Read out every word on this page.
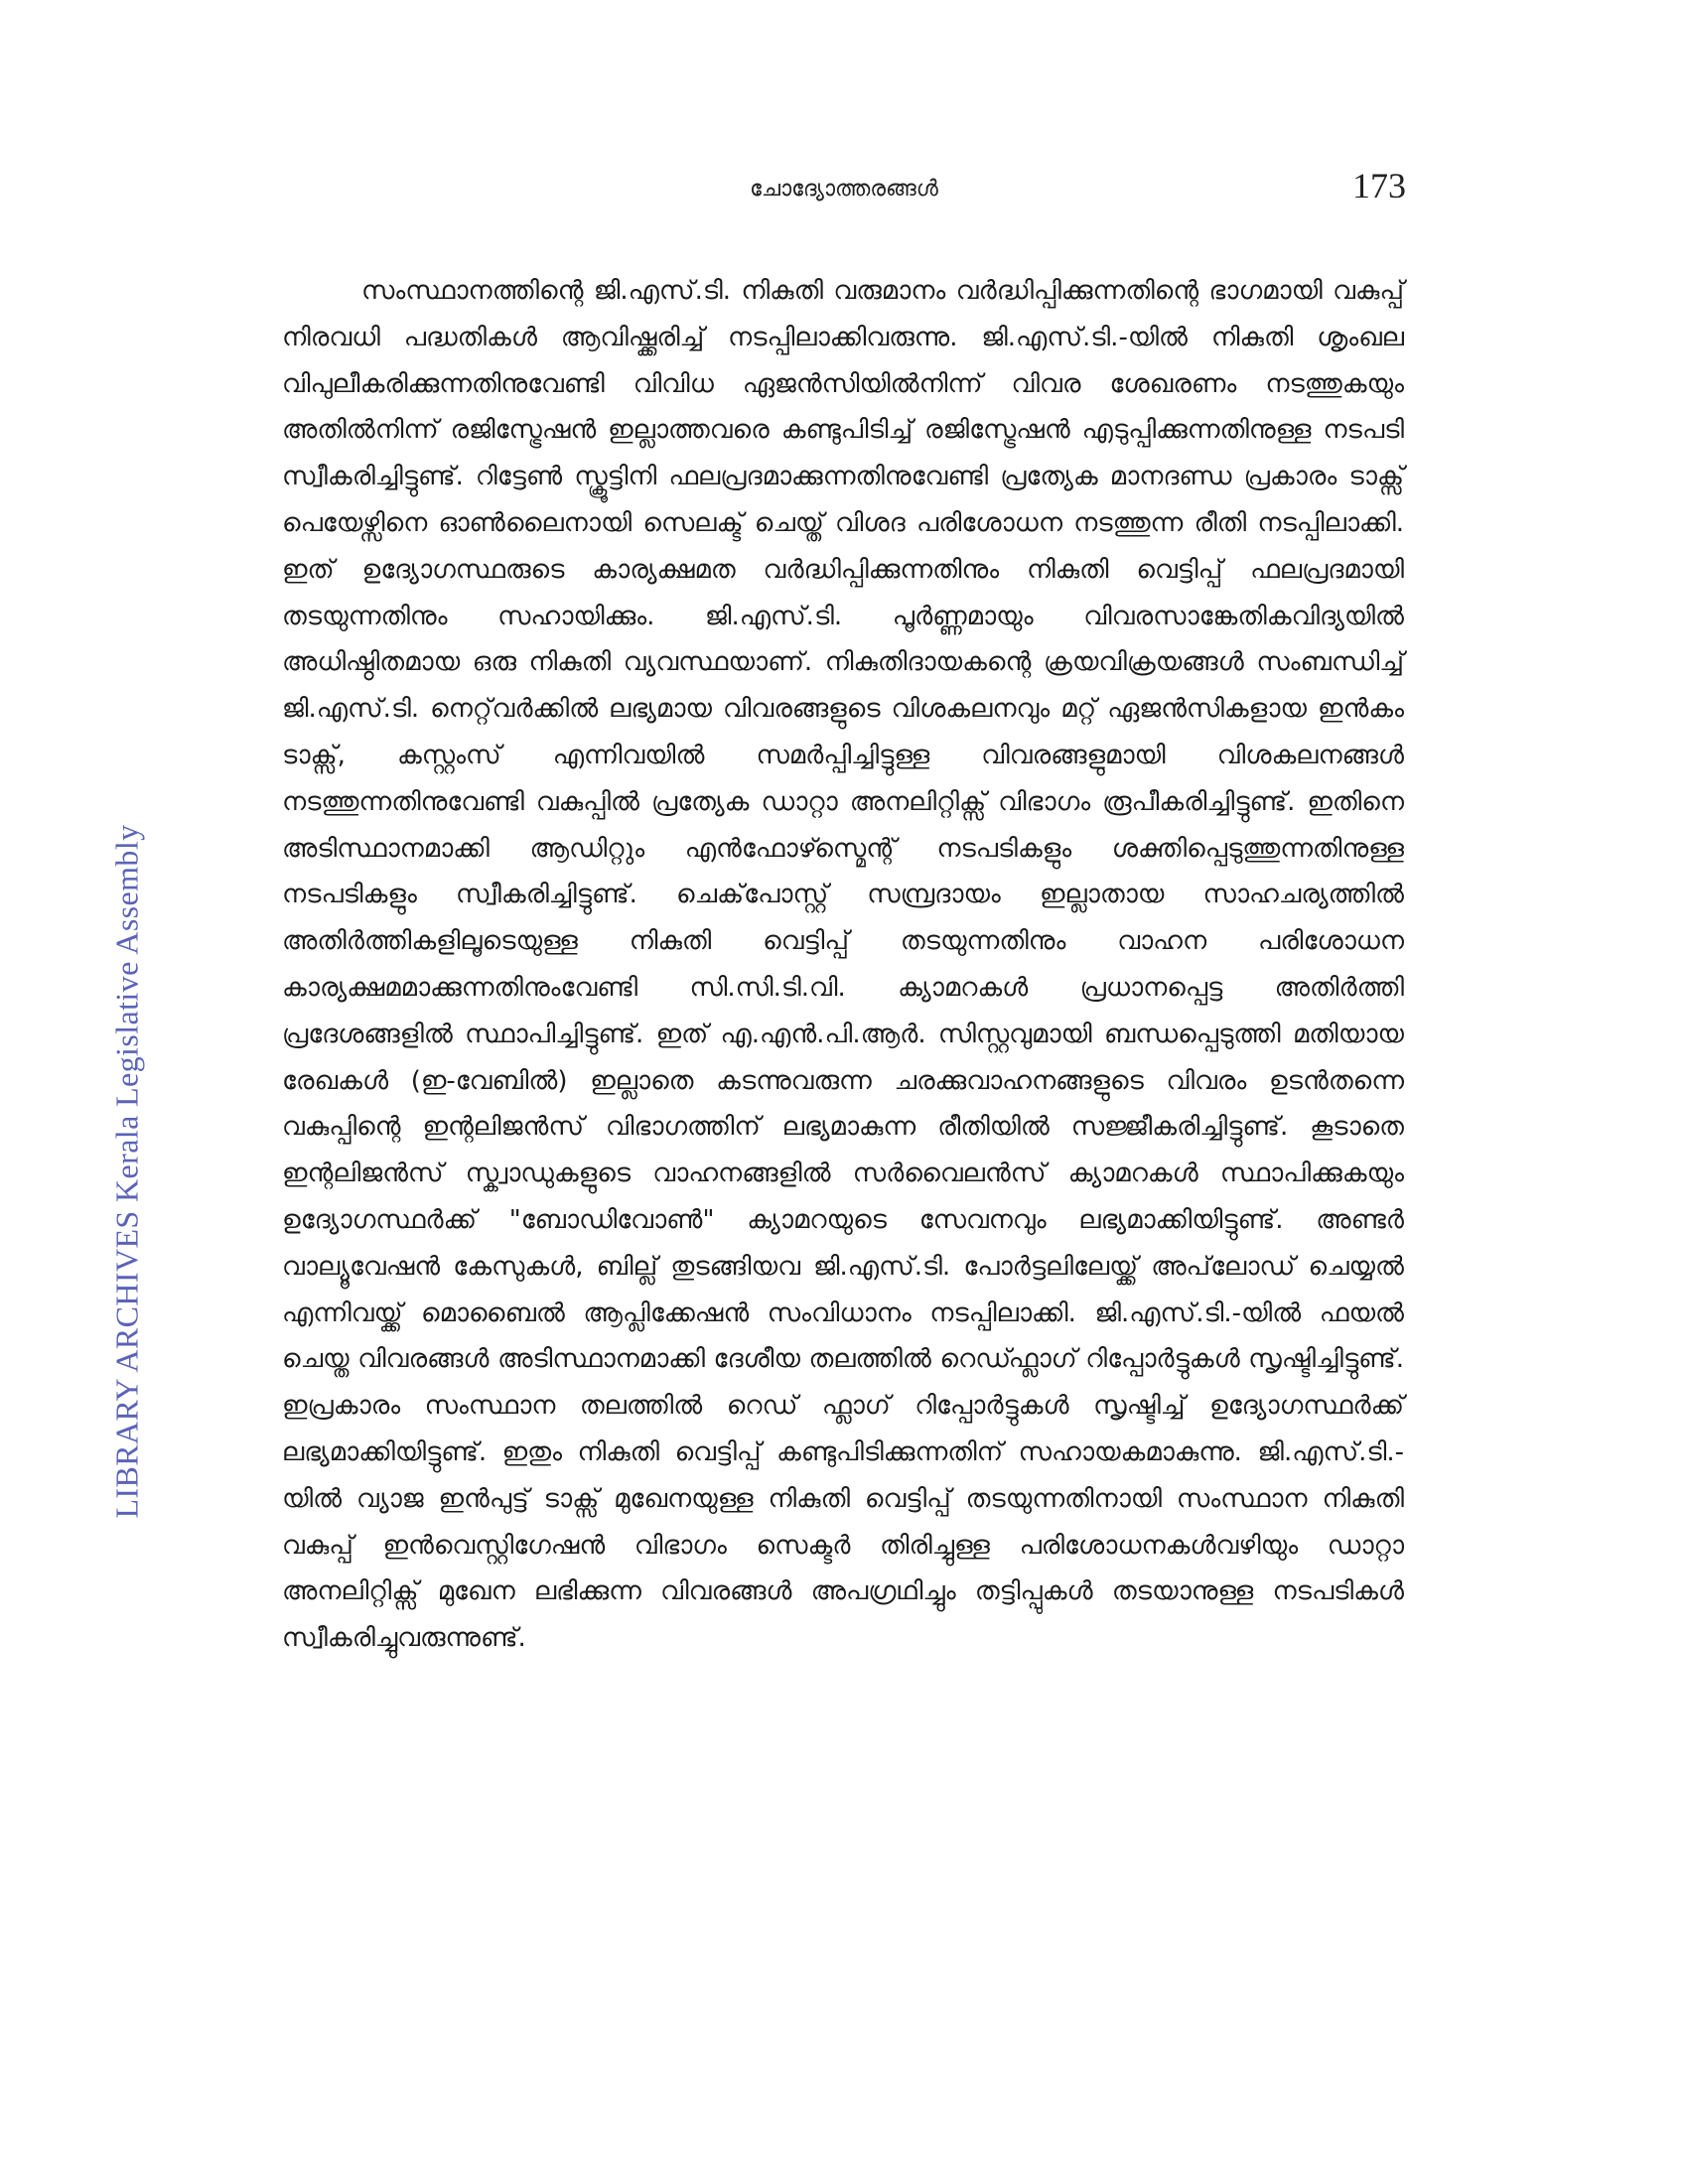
ചോദ്യോത്തരങ്ങൾ	173
LIBRARY ARCHIVES Kerala Legislative Assembly

സംസ്ഥാനത്തിന്റെ ജി.എസ്.ടി. നികുതി വരുമാനം വർദ്ധിപ്പിക്കുന്നതിന്റെ ഭാഗമായി വകുപ്പ് നിരവധി പദ്ധതികൾ ആവിഷ്ക്കരിച്ച് നടപ്പിലാക്കിവരുന്നു. ജി.എസ്.ടി.-യിൽ നികുതി ശൃംഖല വിപുലീകരിക്കുന്നതിനുവേണ്ടി വിവിധ ഏജൻസിയിൽനിന്ന് വിവര ശേഖരണം നടത്തുകയും അതിൽനിന്ന് രജിസ്ട്രേഷൻ ഇല്ലാത്തവരെ കണ്ടുപിടിച്ച് രജിസ്ട്രേഷൻ എടുപ്പിക്കുന്നതിനുള്ള നടപടി സ്വീകരിച്ചിട്ടുണ്ട്. റിട്ടേൺ സ്ക്രൂട്ടിനി ഫലപ്രദമാക്കുന്നതിനുവേണ്ടി പ്രത്യേക മാനദണ്ഡ പ്രകാരം ടാക്സ് പെയേഴ്സിനെ ഓൺലൈനായി സെലക്ട് ചെയ്ത് വിശദ പരിശോധന നടത്തുന്ന രീതി നടപ്പിലാക്കി. ഇത് ഉദ്യോഗസ്ഥരുടെ കാര്യക്ഷമത വർദ്ധിപ്പിക്കുന്നതിനും നികുതി വെട്ടിപ്പ് ഫലപ്രദമായി തടയുന്നതിനും സഹായിക്കും. ജി.എസ്.ടി. പൂർണ്ണമായും വിവരസാങ്കേതികവിദ്യയിൽ അധിഷ്ഠിതമായ ഒരു നികുതി വ്യവസ്ഥയാണ്. നികുതിദായകന്റെ ക്രയവിക്രയങ്ങൾ സംബന്ധിച്ച് ജി.എസ്.ടി. നെറ്റ്‌വർക്കിൽ ലഭ്യമായ വിവരങ്ങളുടെ വിശകലനവും മറ്റ് ഏജൻസികളായ ഇൻകം ടാക്സ്, കസ്റ്റംസ് എന്നിവയിൽ സമർപ്പിച്ചിട്ടുള്ള വിവരങ്ങളുമായി വിശകലനങ്ങൾ നടത്തുന്നതിനുവേണ്ടി വകുപ്പിൽ പ്രത്യേക ഡാറ്റാ അനലിറ്റിക്സ് വിഭാഗം രൂപീകരിച്ചിട്ടുണ്ട്. ഇതിനെ അടിസ്ഥാനമാക്കി ആഡിറ്റും എൻഫോഴ്സ്മെന്റ് നടപടികളും ശക്തിപ്പെടുത്തുന്നതിനുള്ള നടപടികളും സ്വീകരിച്ചിട്ടുണ്ട്. ചെക്‌പോസ്റ്റ് സമ്പ്രദായം ഇല്ലാതായ സാഹചര്യത്തിൽ അതിർത്തികളിലൂടെയുള്ള നികുതി വെട്ടിപ്പ് തടയുന്നതിനും വാഹന പരിശോധന കാര്യക്ഷമമാക്കുന്നതിനുംവേണ്ടി സി.സി.ടി.വി. ക്യാമറകൾ പ്രധാനപ്പെട്ട അതിർത്തി പ്രദേശങ്ങളിൽ സ്ഥാപിച്ചിട്ടുണ്ട്. ഇത് എ.എൻ.പി.ആർ. സിസ്റ്റവുമായി ബന്ധപ്പെടുത്തി മതിയായ രേഖകൾ (ഇ-വേബിൽ) ഇല്ലാതെ കടന്നുവരുന്ന ചരക്കുവാഹനങ്ങളുടെ വിവരം ഉടൻതന്നെ വകുപ്പിന്റെ ഇന്റലിജൻസ് വിഭാഗത്തിന് ലഭ്യമാകുന്ന രീതിയിൽ സജ്ജീകരിച്ചിട്ടുണ്ട്. കൂടാതെ ഇന്റലിജൻസ് സ്ക്വാഡുകളുടെ വാഹനങ്ങളിൽ സർവൈലൻസ് ക്യാമറകൾ സ്ഥാപിക്കുകയും ഉദ്യോഗസ്ഥർക്ക് "ബോഡിവോൺ" ക്യാമറയുടെ സേവനവും ലഭ്യമാക്കിയിട്ടുണ്ട്. അണ്ടർ വാല്യൂവേഷൻ കേസുകൾ, ബില്ല് തുടങ്ങിയവ ജി.എസ്.ടി. പോർട്ടലിലേയ്ക്ക് അപ്‌ലോഡ് ചെയ്യൽ എന്നിവയ്ക്ക് മൊബൈൽ ആപ്ലിക്കേഷൻ സംവിധാനം നടപ്പിലാക്കി. ജി.എസ്.ടി.-യിൽ ഫയൽ ചെയ്ത വിവരങ്ങൾ അടിസ്ഥാനമാക്കി ദേശീയ തലത്തിൽ റെഡ്ഫ്ലാഗ് റിപ്പോർട്ടുകൾ സൃഷ്ടിച്ചിട്ടുണ്ട്. ഇപ്രകാരം സംസ്ഥാന തലത്തിൽ റെഡ് ഫ്ലാഗ് റിപ്പോർട്ടുകൾ സൃഷ്ടിച്ച് ഉദ്യോഗസ്ഥർക്ക് ലഭ്യമാക്കിയിട്ടുണ്ട്. ഇതും നികുതി വെട്ടിപ്പ് കണ്ടുപിടിക്കുന്നതിന് സഹായകമാകുന്നു. ജി.എസ്.ടി.-യിൽ വ്യാജ ഇൻപുട്ട് ടാക്സ് മുഖേനയുള്ള നികുതി വെട്ടിപ്പ് തടയുന്നതിനായി സംസ്ഥാന നികുതി വകുപ്പ് ഇൻവെസ്റ്റിഗേഷൻ വിഭാഗം സെക്ടർ തിരിച്ചുള്ള പരിശോധനകൾവഴിയും ഡാറ്റാ അനലിറ്റിക്സ് മുഖേന ലഭിക്കുന്ന വിവരങ്ങൾ അപഗ്രഥിച്ചും തട്ടിപ്പുകൾ തടയാനുള്ള നടപടികൾ സ്വീകരിച്ചുവരുന്നുണ്ട്.
